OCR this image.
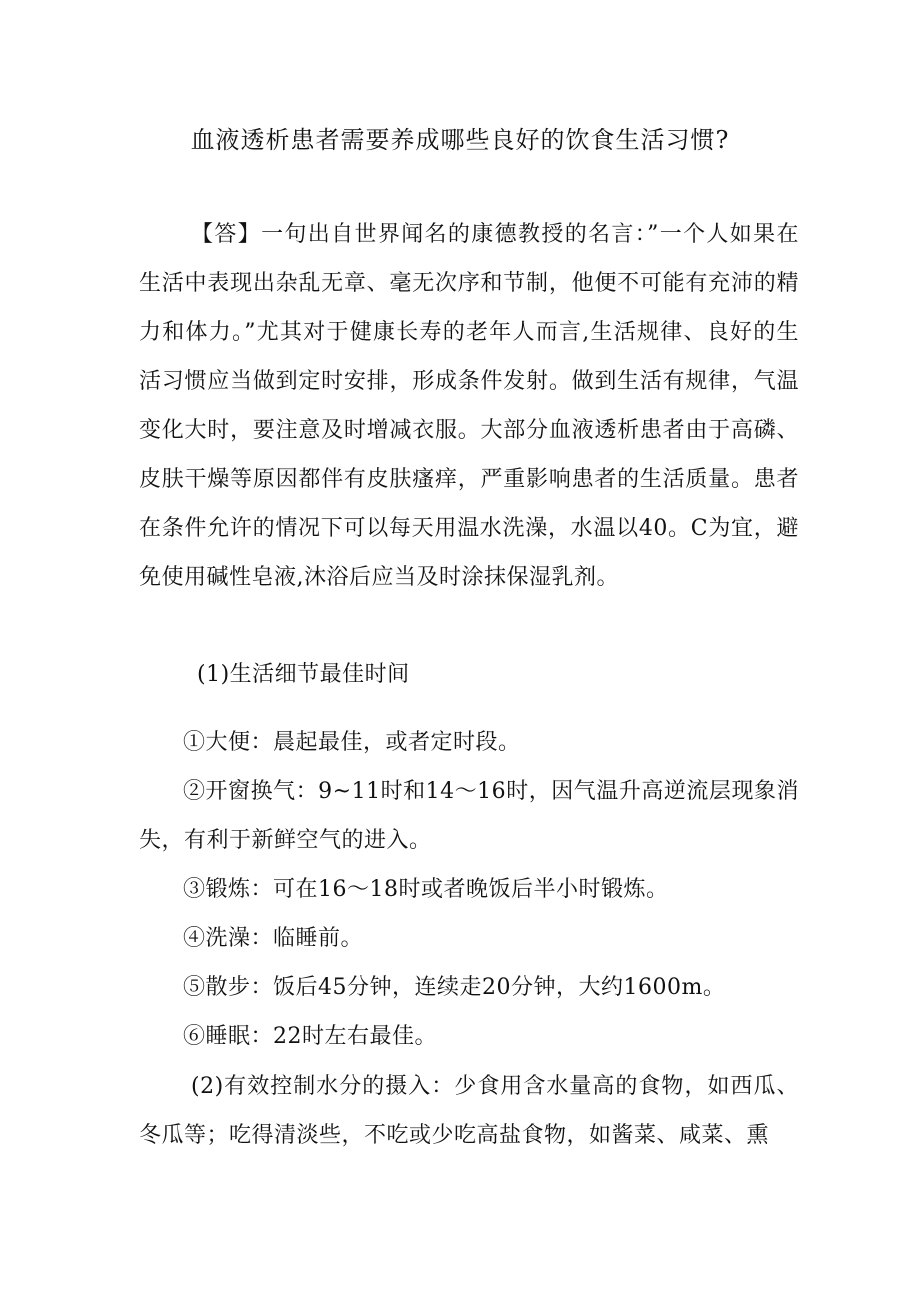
血液透析患者需要养成哪些良好的饮食生活习惯?

【答】一句出自世界闻名的康德教授的名言：”一个人如果在生活中表现出杂乱无章、毫无次序和节制，他便不可能有充沛的精力和体力。”尤其对于健康长寿的老年人而言,生活规律、良好的生活习惯应当做到定时安排，形成条件发射。做到生活有规律，气温变化大时，要注意及时增减衣服。大部分血液透析患者由于高磷、皮肤干燥等原因都伴有皮肤瘙痒，严重影响患者的生活质量。患者在条件允许的情况下可以每天用温水洗澡，水温以40。C为宜，避免使用碱性皂液,沐浴后应当及时涂抹保湿乳剂。

(1)生活细节最佳时间

①大便：晨起最佳，或者定时段。

②开窗换气：9~11时和14～16时，因气温升高逆流层现象消失，有利于新鲜空气的进入。

③锻炼：可在16～18时或者晚饭后半小时锻炼。

④洗澡：临睡前。

⑤散步：饭后45分钟，连续走20分钟，大约1600m。

⑥睡眠：22时左右最佳。

(2)有效控制水分的摄入：少食用含水量高的食物，如西瓜、冬瓜等；吃得清淡些，不吃或少吃高盐食物，如酱菜、咸菜、熏
